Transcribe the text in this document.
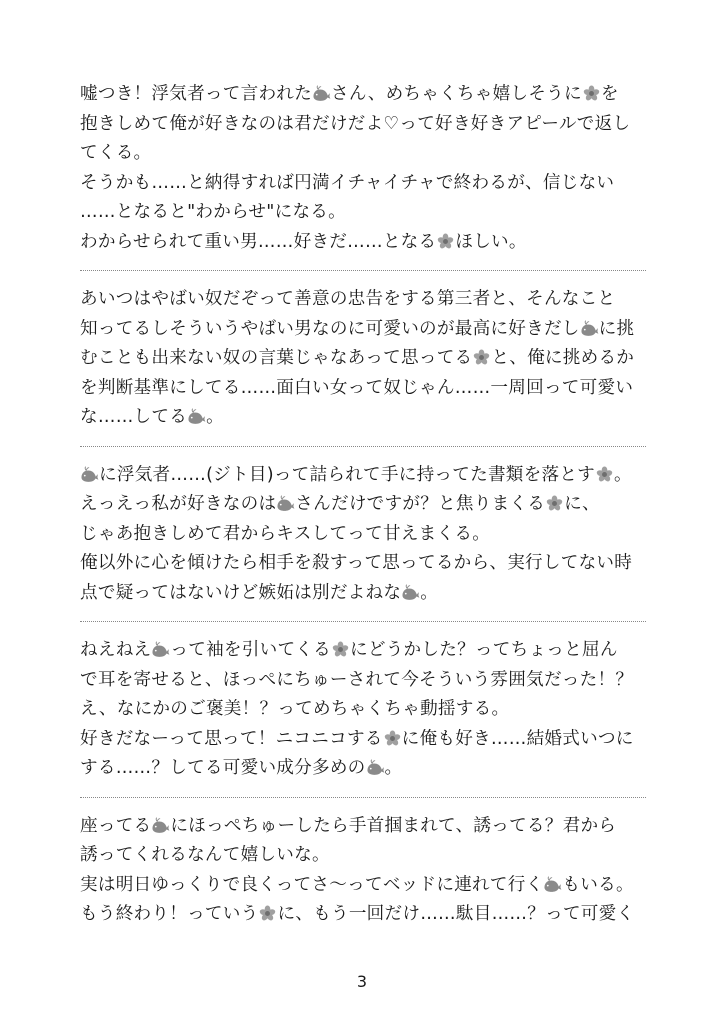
嘘つき！浮気者って言われた さん、めちゃくちゃ嬉しそうに を
抱きしめて俺が好きなのは君だけだよ♡って好き好きアピールで返し
てくる。
そうかも……と納得すれば円満イチャイチャで終わるが、信じない
……となると"わからせ"になる。
わからせられて重い男……好きだ……となる ほしい。
あいつはやばい奴だぞって善意の忠告をする第三者と、そんなこと
知ってるしそういうやばい男なのに可愛いのが最高に好きだし に挑
むことも出来ない奴の言葉じゃなあって思ってる と、俺に挑めるか
を判断基準にしてる……面白い女って奴じゃん……一周回って可愛い
な……してる 。
に浮気者……(ジト目)って詰られて手に持ってた書類を落とす 。
えっえっ私が好きなのは さんだけですが？と焦りまくる に、
じゃあ抱きしめて君からキスしてって甘えまくる。
俺以外に心を傾けたら相手を殺すって思ってるから、実行してない時
点で疑ってはないけど嫉妬は別だよねな 。
ねえねえ って袖を引いてくる にどうかした？ってちょっと屈ん
で耳を寄せると、ほっぺにちゅーされて今そういう雰囲気だった！？
え、なにかのご褒美！？ってめちゃくちゃ動揺する。
好きだなーって思って！ニコニコする に俺も好き……結婚式いつに
する……？してる可愛い成分多めの 。
座ってる にほっぺちゅーしたら手首掴まれて、誘ってる？君から
誘ってくれるなんて嬉しいな。
実は明日ゆっくりで良くってさ〜ってベッドに連れて行く もいる。
もう終わり！っていう に、もう一回だけ……駄目……？って可愛く
3
